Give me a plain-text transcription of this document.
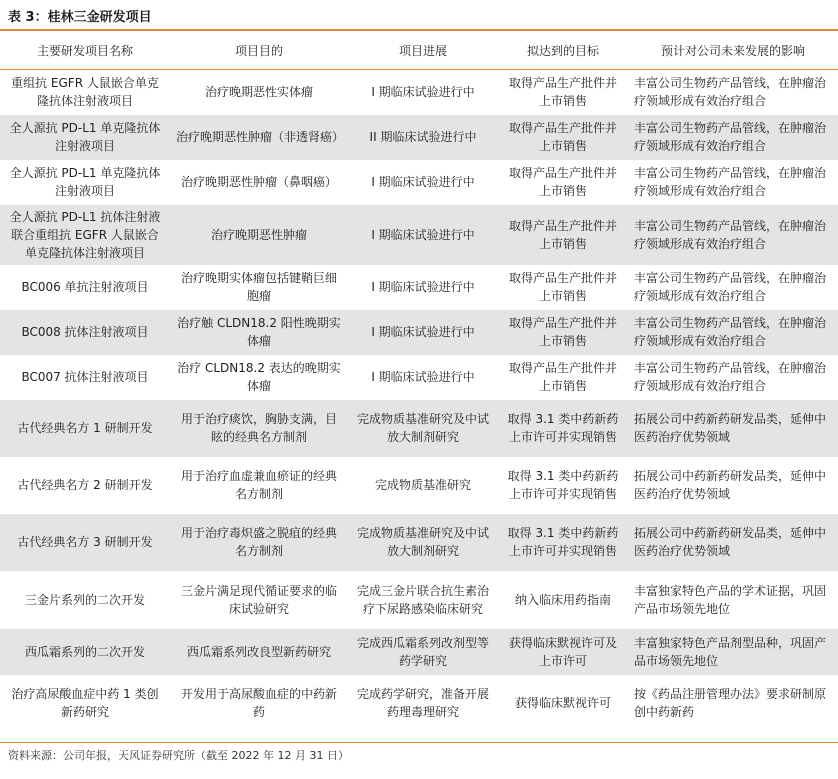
表 3：桂林三金研发项目
主要研发项目名称	项目目的	项目进展	拟达到的目标	预计对公司未来发展的影响
重组抗 EGFR 人鼠嵌合单克隆抗体注射液项目	治疗晚期恶性实体瘤	I 期临床试验进行中	取得产品生产批件并上市销售	丰富公司生物药产品管线，在肿瘤治疗领域形成有效治疗组合
全人源抗 PD-L1 单克隆抗体注射液项目	治疗晚期恶性肿瘤（非透肾癌）	II 期临床试验进行中	取得产品生产批件并上市销售	丰富公司生物药产品管线，在肿瘤治疗领域形成有效治疗组合
全人源抗 PD-L1 单克隆抗体注射液项目	治疗晚期恶性肿瘤（鼻咽癌）	I 期临床试验进行中	取得产品生产批件并上市销售	丰富公司生物药产品管线，在肿瘤治疗领域形成有效治疗组合
全人源抗 PD-L1 抗体注射液联合重组抗 EGFR 人鼠嵌合单克隆抗体注射液项目	治疗晚期恶性肿瘤	I 期临床试验进行中	取得产品生产批件并上市销售	丰富公司生物药产品管线，在肿瘤治疗领域形成有效治疗组合
BC006 单抗注射液项目	治疗晚期实体瘤包括键鞘巨细胞瘤	I 期临床试验进行中	取得产品生产批件并上市销售	丰富公司生物药产品管线，在肿瘤治疗领域形成有效治疗组合
BC008 抗体注射液项目	治疗触 CLDN18.2 阳性晚期实体瘤	I 期临床试验进行中	取得产品生产批件并上市销售	丰富公司生物药产品管线，在肿瘤治疗领域形成有效治疗组合
BC007 抗体注射液项目	治疗 CLDN18.2 表达的晚期实体瘤	I 期临床试验进行中	取得产品生产批件并上市销售	丰富公司生物药产品管线，在肿瘤治疗领域形成有效治疗组合
古代经典名方 1 研制开发	用于治疗痰饮，胸胁支满，目眩的经典名方制剂	完成物质基准研究及中试放大制剂研究	取得 3.1 类中药新药上市许可并实现销售	拓展公司中药新药研发品类，延伸中医药治疗优势领域
古代经典名方 2 研制开发	用于治疗血虚兼血瘀证的经典名方制剂	完成物质基准研究	取得 3.1 类中药新药上市许可并实现销售	拓展公司中药新药研发品类，延伸中医药治疗优势领域
古代经典名方 3 研制开发	用于治疗毒炽盛之脱疽的经典名方制剂	完成物质基准研究及中试放大制剂研究	取得 3.1 类中药新药上市许可并实现销售	拓展公司中药新药研发品类，延伸中医药治疗优势领域
三金片系列的二次开发	三金片满足现代循证要求的临床试验研究	完成三金片联合抗生素治疗下尿路感染临床研究	纳入临床用药指南	丰富独家特色产品的学术证据，巩固产品市场领先地位
西瓜霜系列的二次开发	西瓜霜系列改良型新药研究	完成西瓜霜系列改剂型等药学研究	获得临床默视许可及上市许可	丰富独家特色产品剂型品种，巩固产品市场领先地位
治疗高尿酸血症中药 1 类创新药研究	开发用于高尿酸血症的中药新药	完成药学研究，准备开展药理毒理研究	获得临床默视许可	按《药品注册管理办法》要求研制原创中药新药
资料来源：公司年报，天风证券研究所（截至 2022 年 12 月 31 日）
